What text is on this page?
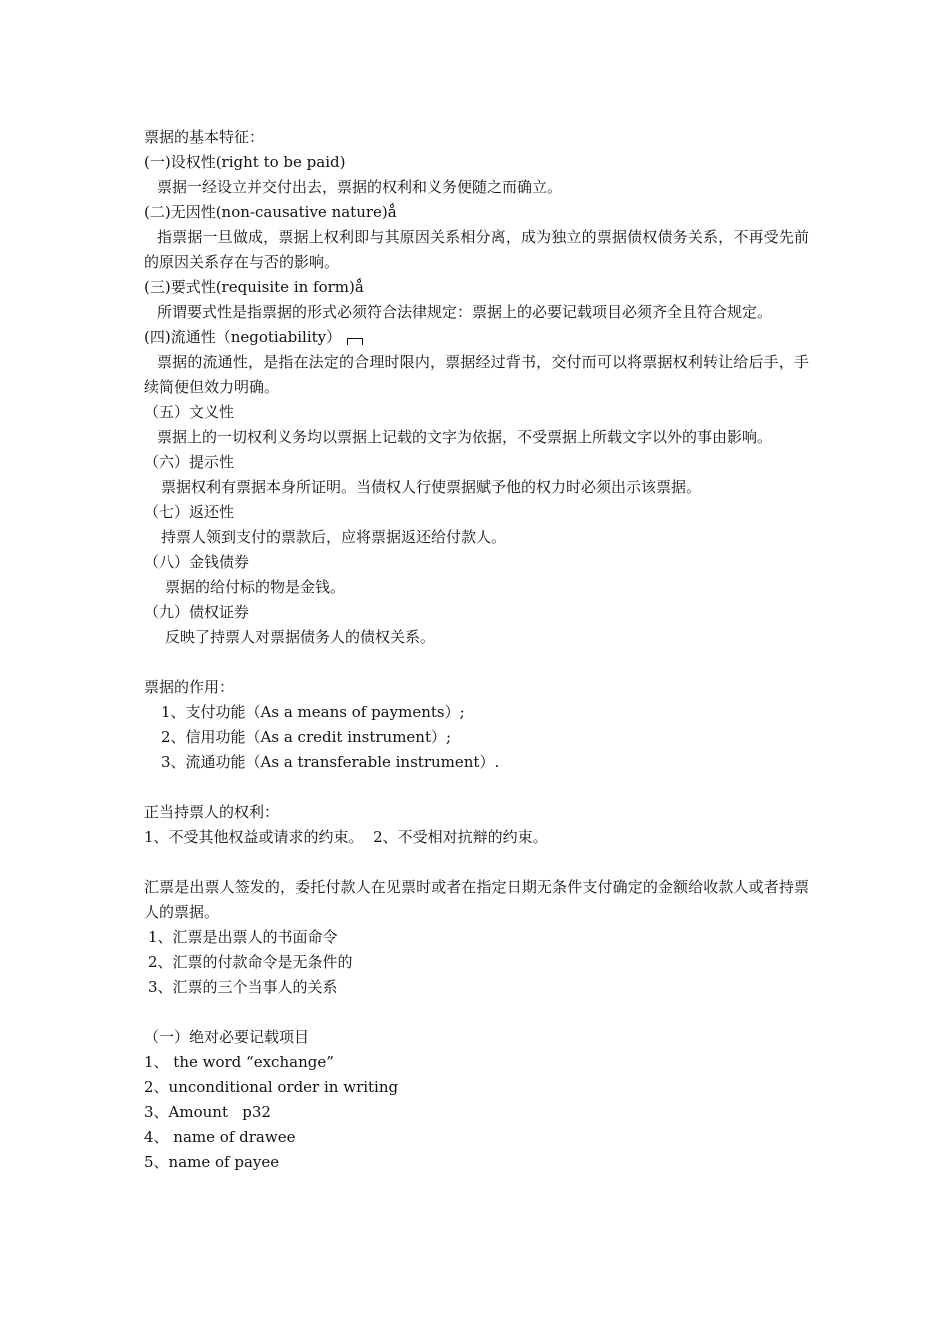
票据的基本特征：
(一)设权性(right to be paid)
票据一经设立并交付出去，票据的权利和义务便随之而确立。
(二)无因性(non-causative nature)ǻ
指票据一旦做成，票据上权利即与其原因关系相分离，成为独立的票据债权债务关系，不再受先前的原因关系存在与否的影响。
(三)要式性(requisite in form)ǻ
所谓要式性是指票据的形式必须符合法律规定：票据上的必要记载项目必须齐全且符合规定。
(四)流通性（negotiability）
票据的流通性，是指在法定的合理时限内，票据经过背书，交付而可以将票据权利转让给后手，手续简便但效力明确。
（五）文义性
票据上的一切权利义务均以票据上记载的文字为依据，不受票据上所载文字以外的事由影响。
（六）提示性
票据权利有票据本身所证明。当债权人行使票据赋予他的权力时必须出示该票据。
（七）返还性
持票人领到支付的票款后，应将票据返还给付款人。
（八）金钱债券
票据的给付标的物是金钱。
（九）债权证券
反映了持票人对票据债务人的债权关系。
票据的作用：
1、支付功能（As a means of payments）;
2、信用功能（As a credit instrument）;
3、流通功能（As a transferable instrument）.
正当持票人的权利：
1、不受其他权益或请求的约束。  2、不受相对抗辩的约束。
汇票是出票人签发的，委托付款人在见票时或者在指定日期无条件支付确定的金额给收款人或者持票人的票据。
1、汇票是出票人的书面命令
2、汇票的付款命令是无条件的
3、汇票的三个当事人的关系
（一）绝对必要记载项目
1、 the word “exchange”
2、unconditional order in writing
3、Amount   p32
4、 name of drawee
5、name of payee
